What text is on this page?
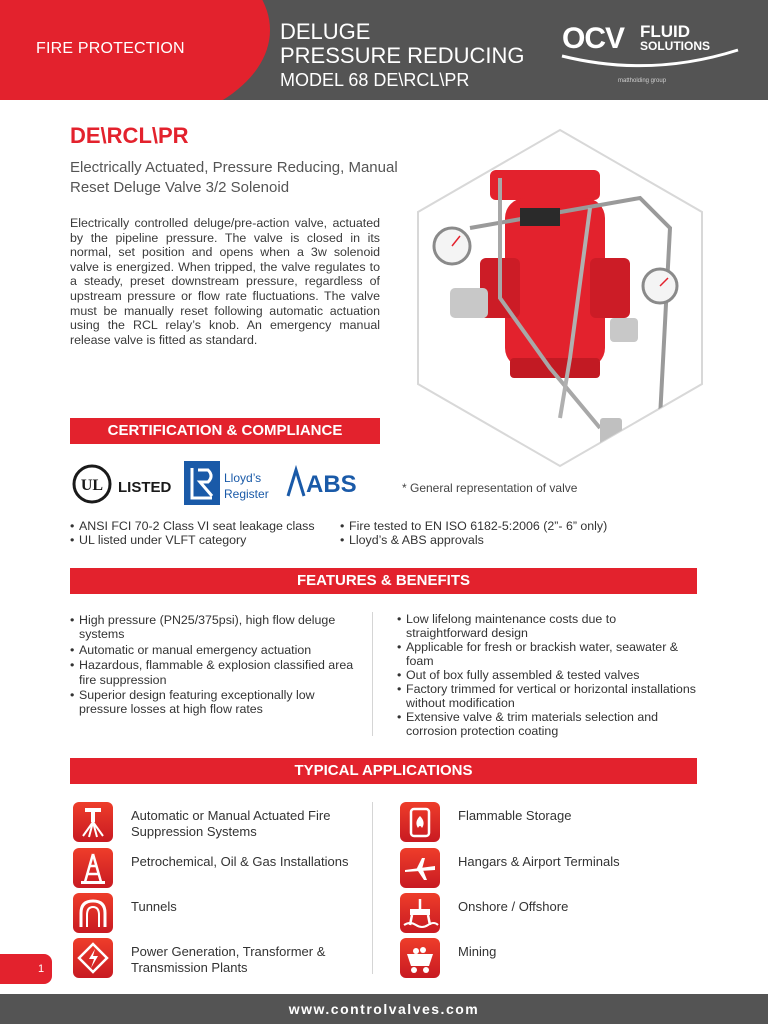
FIRE PROTECTION
DELUGE
PRESSURE REDUCING
MODEL 68 DE\RCL\PR
OCV FLUID
SOLUTIONS
mattholding group
DE\RCL\PR
Electrically Actuated, Pressure Reducing, Manual Reset Deluge Valve 3/2 Solenoid
Electrically controlled deluge/pre-action valve, actuated by the pipeline pressure. The valve is closed in its normal, set position and opens when a 3w solenoid valve is energized. When tripped, the valve regulates to a steady, preset downstream pressure, regardless of upstream pressure or flow rate fluctuations. The valve must be manually reset following automatic actuation using the RCL relay’s knob. An emergency manual release valve is fitted as standard.
* General representation of valve
CERTIFICATION & COMPLIANCE
UL LISTED
Lloyd’s
Register ABS
• ANSI FCI 70-2 Class VI seat leakage class
• UL listed under VLFT category
• Fire tested to EN ISO 6182-5:2006 (2”- 6” only)
• Lloyd’s & ABS approvals
FEATURES & BENEFITS
• High pressure (PN25/375psi), high flow deluge systems
• Automatic or manual emergency actuation
• Hazardous, flammable & explosion classified area fire suppression
• Superior design featuring exceptionally low pressure losses at high flow rates
• Low lifelong maintenance costs due to straightforward design
• Applicable for fresh or brackish water, seawater & foam
• Out of box fully assembled & tested valves
• Factory trimmed for vertical or horizontal installations without modification
• Extensive valve & trim materials selection and corrosion protection coating
TYPICAL APPLICATIONS
Automatic or Manual Actuated Fire Suppression Systems
Petrochemical, Oil & Gas Installations
Tunnels
Power Generation, Transformer & Transmission Plants
Flammable Storage
Hangars & Airport Terminals
Onshore / Offshore
Mining
1
www.controlvalves.com
